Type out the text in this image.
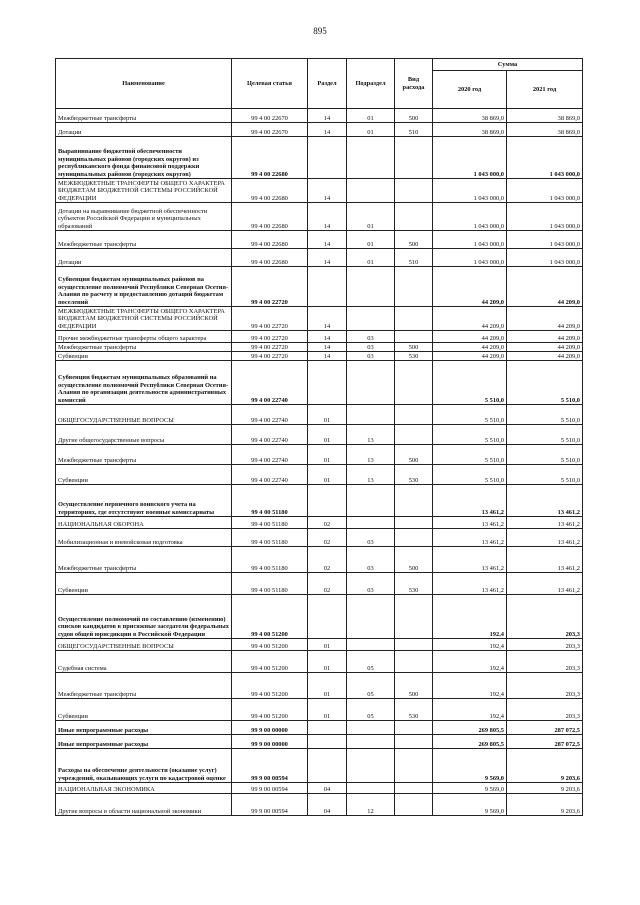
895
Наименование	Целевая статья	Раздел	Подраздел	Вид расхода	Сумма	
					2020 год	2021 год
Межбюджетные трансферты	99 4 00 22670	14	01	500	38 869,0	38 869,0
Дотации	99 4 00 22670	14	01	510	38 869,0	38 869,0
Выравнивание бюджетной обеспеченности муниципальных районов (городских округов) из республиканского фонда финансовой поддержки муниципальных районов (городских округов)	99 4 00 22680				1 043 000,0	1 043 000,0
МЕЖБЮДЖЕТНЫЕ ТРАНСФЕРТЫ ОБЩЕГО ХАРАКТЕРА БЮДЖЕТАМ БЮДЖЕТНОЙ СИСТЕМЫ РОССИЙСКОЙ ФЕДЕРАЦИИ	99 4 00 22680	14			1 043 000,0	1 043 000,0
Дотации на выравнивание бюджетной обеспеченности субъектов Российской Федерации и муниципальных образований	99 4 00 22680	14	01		1 043 000,0	1 043 000,0
Межбюджетные трансферты	99 4 00 22680	14	01	500	1 043 000,0	1 043 000,0
Дотации	99 4 00 22680	14	01	510	1 043 000,0	1 043 000,0
Субвенции бюджетам муниципальных районов на осуществление полномочий Республики Северная Осетия-Алания по расчету и предоставлению дотаций бюджетам поселений	99 4 00 22720				44 209,0	44 209,0
МЕЖБЮДЖЕТНЫЕ ТРАНСФЕРТЫ ОБЩЕГО ХАРАКТЕРА БЮДЖЕТАМ БЮДЖЕТНОЙ СИСТЕМЫ РОССИЙСКОЙ ФЕДЕРАЦИИ	99 4 00 22720	14			44 209,0	44 209,0
Прочие межбюджетные трансферты общего характера	99 4 00 22720	14	03		44 209,0	44 209,0
Межбюджетные трансферты	99 4 00 22720	14	03	500	44 209,0	44 209,0
Субвенции	99 4 00 22720	14	03	530	44 209,0	44 209,0
Субвенции бюджетам муниципальных образований на осуществление полномочий Республики Северная Осетия-Алания по организации деятельности административных комиссий	99 4 00 22740				5 510,0	5 510,0
ОБЩЕГОСУДАРСТВЕННЫЕ ВОПРОСЫ	99 4 00 22740	01			5 510,0	5 510,0
Другие общегосударственные вопросы	99 4 00 22740	01	13		5 510,0	5 510,0
Межбюджетные трансферты	99 4 00 22740	01	13	500	5 510,0	5 510,0
Субвенции	99 4 00 22740	01	13	530	5 510,0	5 510,0
Осуществление первичного воинского учета на территориях, где отсутствуют военные комиссариаты	99 4 00 51180				13 461,2	13 461,2
НАЦИОНАЛЬНАЯ ОБОРОНА	99 4 00 51180	02			13 461,2	13 461,2
Мобилизационная и вневойсковая подготовка	99 4 00 51180	02	03		13 461,2	13 461,2
Межбюджетные трансферты	99 4 00 51180	02	03	500	13 461,2	13 461,2
Субвенции	99 4 00 51180	02	03	530	13 461,2	13 461,2
Осуществление полномочий по составлению (изменению) списков кандидатов в присяжные заседатели федеральных судов общей юрисдикции в Российской Федерации	99 4 00 51200				192,4	203,3
ОБЩЕГОСУДАРСТВЕННЫЕ ВОПРОСЫ	99 4 00 51200	01			192,4	203,3
Судебная система	99 4 00 51200	01	05		192,4	203,3
Межбюджетные трансферты	99 4 00 51200	01	05	500	192,4	203,3
Субвенции	99 4 00 51200	01	05	530	192,4	203,3
Иные непрограммные расходы	99 9 00 00000				269 805,5	287 072,5
Иные непрограммные расходы	99 9 00 00000				269 805,5	287 072,5
Расходы на обеспечение деятельности (оказание услуг) учреждений, оказывающих услуги по кадастровой оценке	99 9 00 00594				9 569,0	9 203,6
НАЦИОНАЛЬНАЯ ЭКОНОМИКА	99 9 00 00594	04			9 569,0	9 203,6
Другие вопросы в области национальной экономики	99 9 00 00594	04	12		9 569,0	9 203,6
